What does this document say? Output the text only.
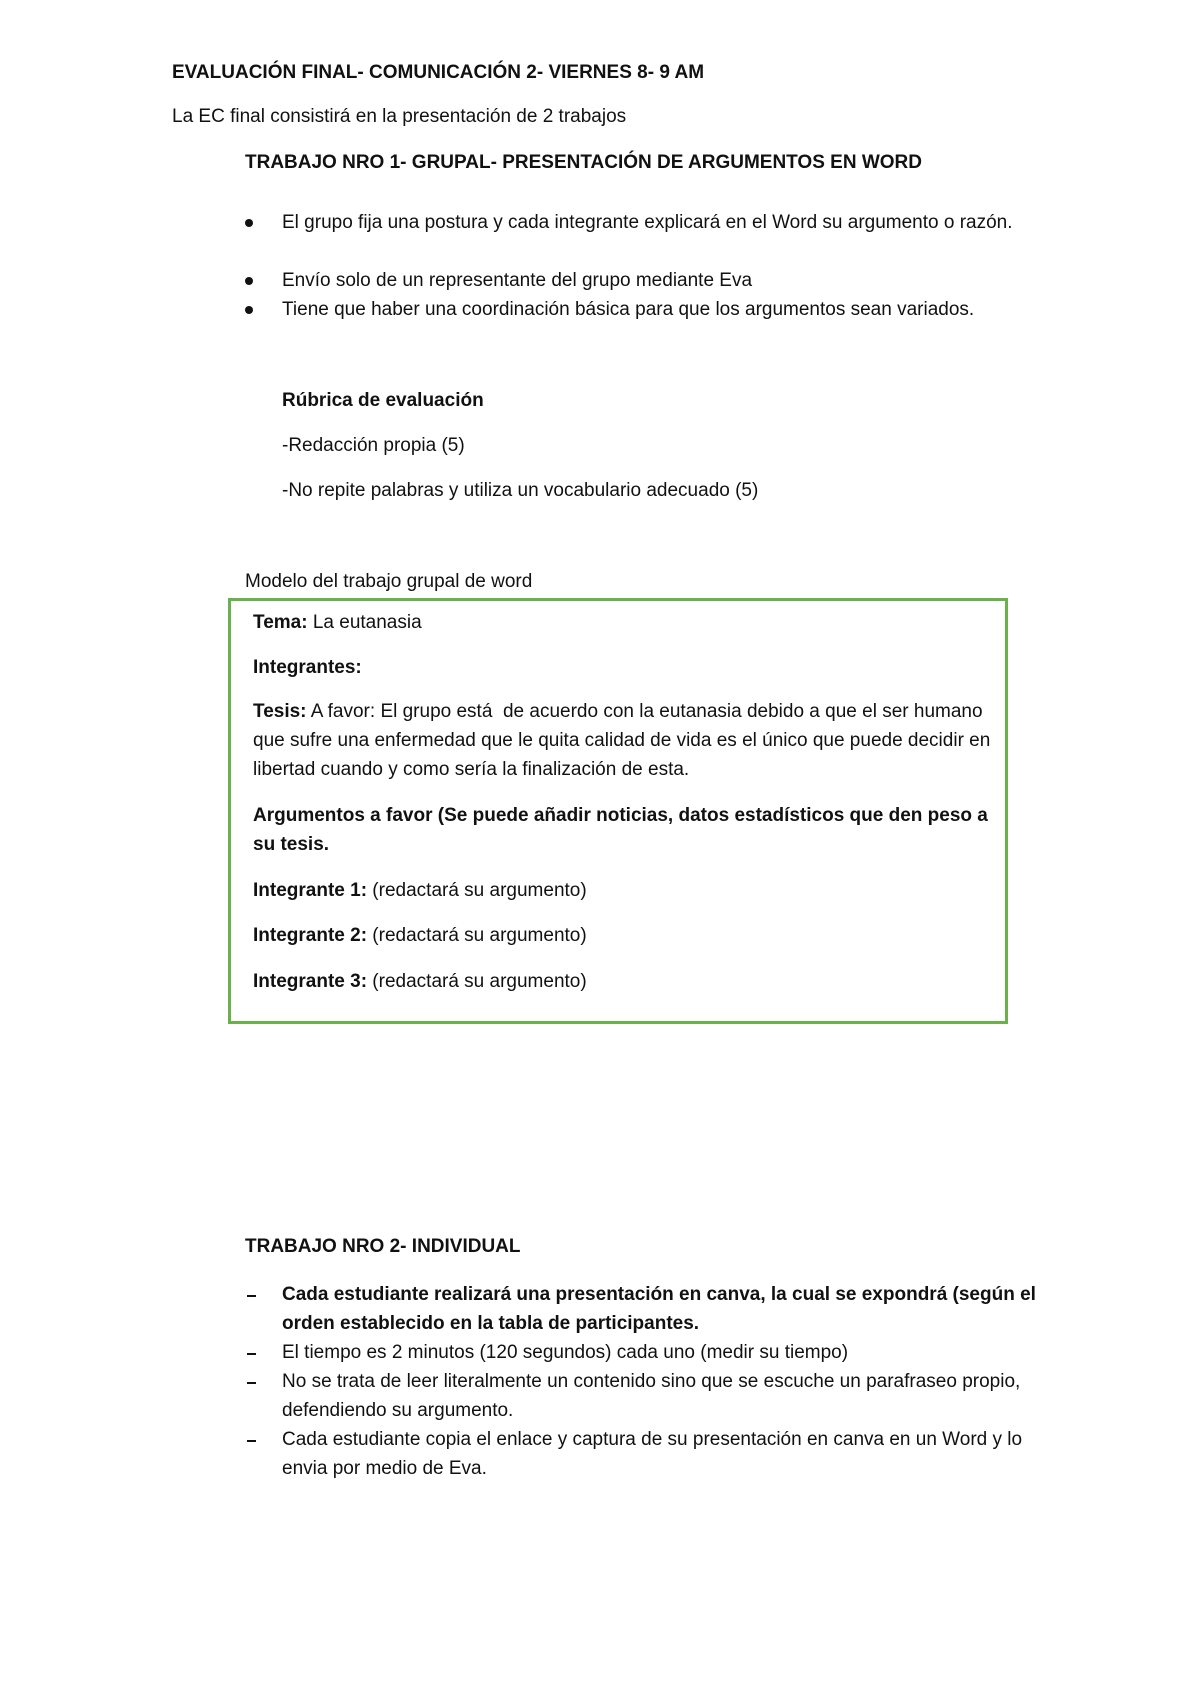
EVALUACIÓN FINAL- COMUNICACIÓN 2- VIERNES 8- 9 AM
La EC final consistirá en la presentación de 2 trabajos
TRABAJO NRO 1- GRUPAL- PRESENTACIÓN DE ARGUMENTOS EN WORD
El grupo fija una postura y cada integrante explicará en el Word su argumento o razón.
Envío solo de un representante del grupo mediante Eva
Tiene que haber una coordinación básica para que los argumentos sean variados.
Rúbrica de evaluación
-Redacción propia (5)
-No repite palabras y utiliza un vocabulario adecuado (5)
Modelo del trabajo grupal de word
Tema: La eutanasia
Integrantes:
Tesis: A favor: El grupo está  de acuerdo con la eutanasia debido a que el ser humano que sufre una enfermedad que le quita calidad de vida es el único que puede decidir en libertad cuando y como sería la finalización de esta.
Argumentos a favor (Se puede añadir noticias, datos estadísticos que den peso a su tesis.
Integrante 1: (redactará su argumento)
Integrante 2: (redactará su argumento)
Integrante 3: (redactará su argumento)
TRABAJO NRO 2- INDIVIDUAL
Cada estudiante realizará una presentación en canva, la cual se expondrá (según el orden establecido en la tabla de participantes.
El tiempo es 2 minutos (120 segundos) cada uno (medir su tiempo)
No se trata de leer literalmente un contenido sino que se escuche un parafraseo propio, defendiendo su argumento.
Cada estudiante copia el enlace y captura de su presentación en canva en un Word y lo envia por medio de Eva.
